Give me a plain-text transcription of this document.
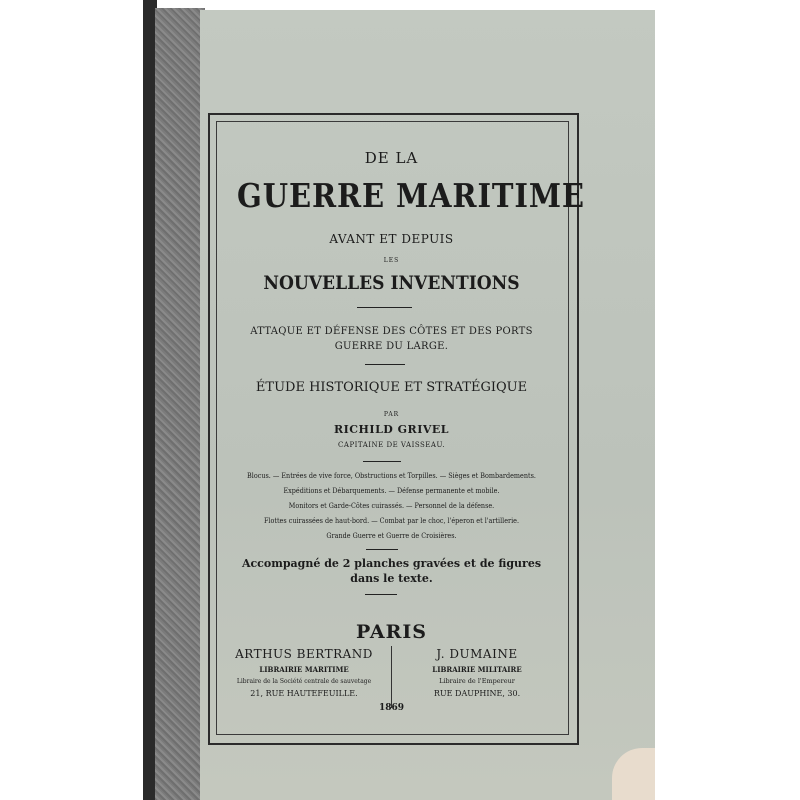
DE LA
GUERRE MARITIME
AVANT ET DEPUIS
LES
NOUVELLES INVENTIONS
ATTAQUE ET DÉFENSE DES CÔTES ET DES PORTS
GUERRE DU LARGE.
ÉTUDE HISTORIQUE ET STRATÉGIQUE
PAR
RICHILD GRIVEL
CAPITAINE DE VAISSEAU.
Blocus. — Entrées de vive force, Obstructions et Torpilles. — Sièges et Bombardements.
Expéditions et Débarquements. — Défense permanente et mobile.
Monitors et Garde-Côtes cuirassés. — Personnel de la défense.
Flottes cuirassées de haut-bord. — Combat par le choc, l'éperon et l'artillerie.
Grande Guerre et Guerre de Croisières.
Accompagné de 2 planches gravées et de figures
dans le texte.
PARIS
ARTHUS BERTRAND
LIBRAIRIE MARITIME
Libraire de la Société centrale de sauvetage
21, RUE HAUTEFEUILLE.
J. DUMAINE
LIBRAIRIE MILITAIRE
Libraire de l'Empereur
RUE DAUPHINE, 30.
1869
